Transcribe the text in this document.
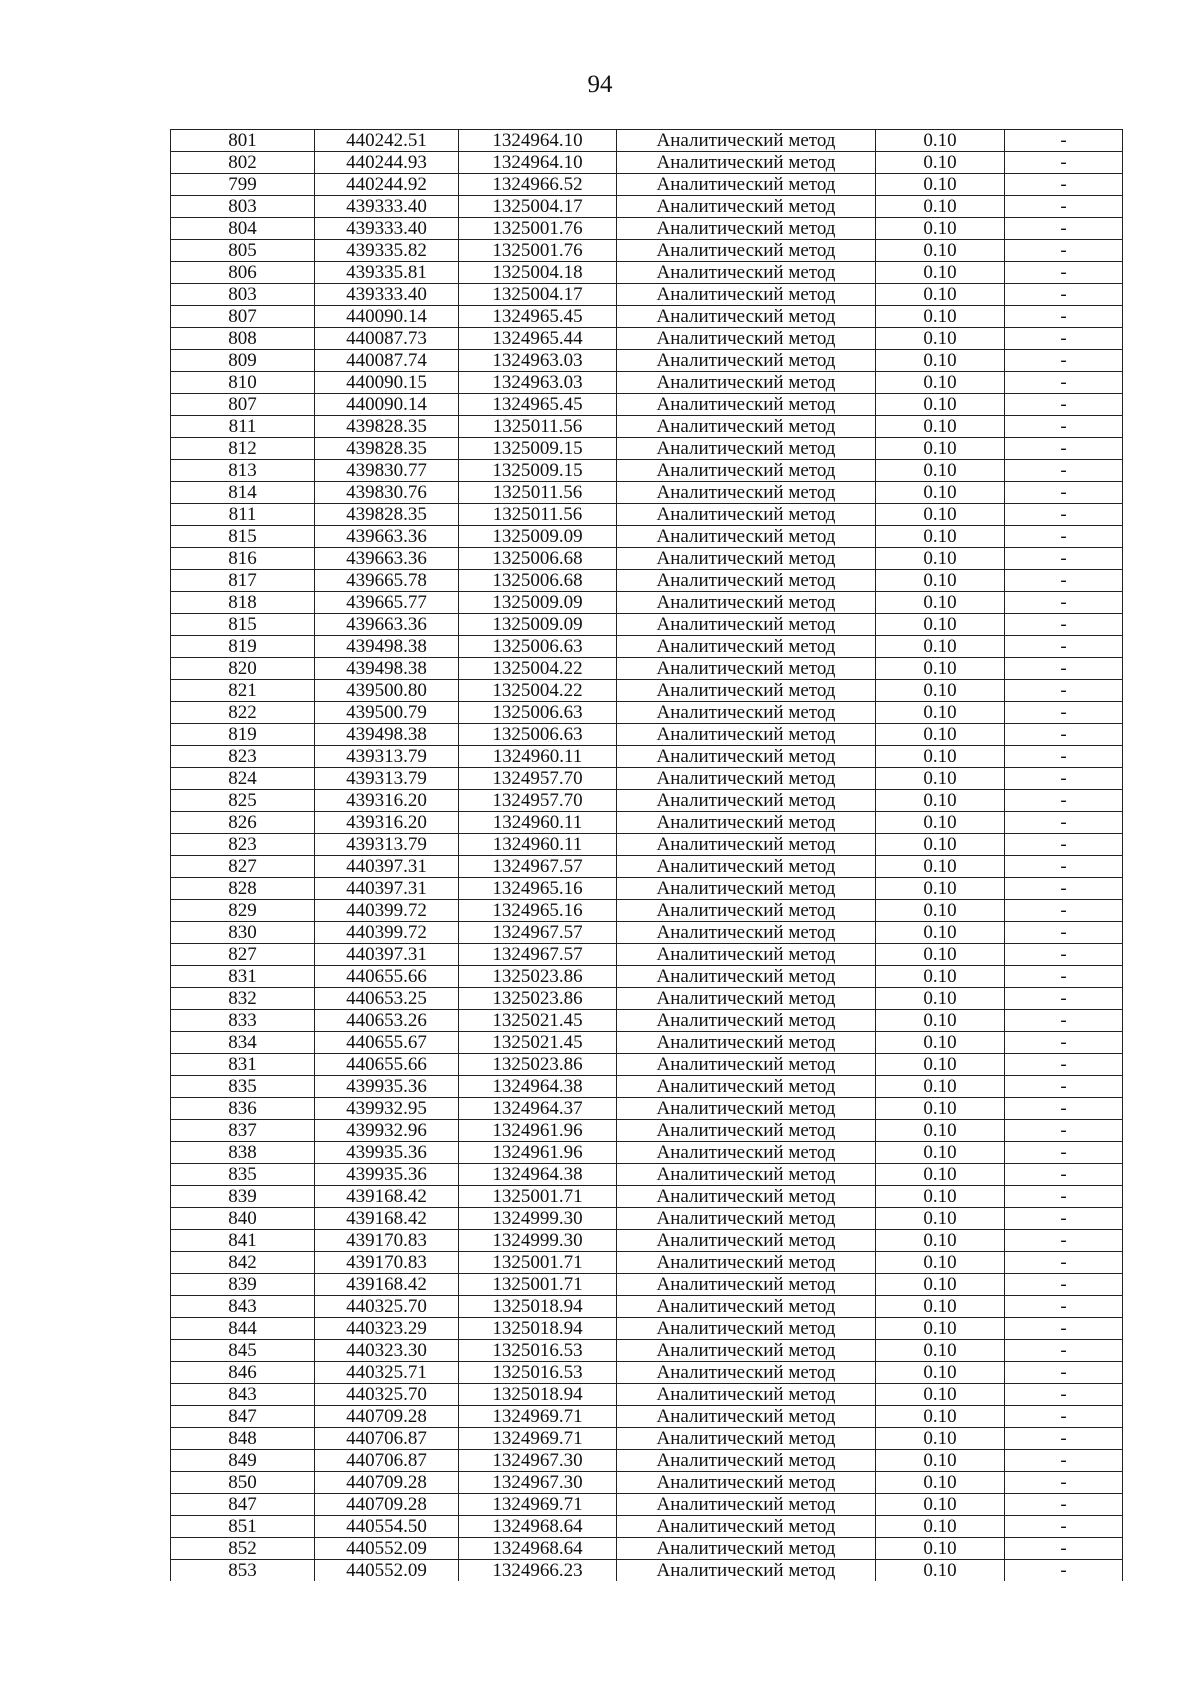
94
801	440242.51	1324964.10	Аналитический метод	0.10	-
802	440244.93	1324964.10	Аналитический метод	0.10	-
799	440244.92	1324966.52	Аналитический метод	0.10	-
803	439333.40	1325004.17	Аналитический метод	0.10	-
804	439333.40	1325001.76	Аналитический метод	0.10	-
805	439335.82	1325001.76	Аналитический метод	0.10	-
806	439335.81	1325004.18	Аналитический метод	0.10	-
803	439333.40	1325004.17	Аналитический метод	0.10	-
807	440090.14	1324965.45	Аналитический метод	0.10	-
808	440087.73	1324965.44	Аналитический метод	0.10	-
809	440087.74	1324963.03	Аналитический метод	0.10	-
810	440090.15	1324963.03	Аналитический метод	0.10	-
807	440090.14	1324965.45	Аналитический метод	0.10	-
811	439828.35	1325011.56	Аналитический метод	0.10	-
812	439828.35	1325009.15	Аналитический метод	0.10	-
813	439830.77	1325009.15	Аналитический метод	0.10	-
814	439830.76	1325011.56	Аналитический метод	0.10	-
811	439828.35	1325011.56	Аналитический метод	0.10	-
815	439663.36	1325009.09	Аналитический метод	0.10	-
816	439663.36	1325006.68	Аналитический метод	0.10	-
817	439665.78	1325006.68	Аналитический метод	0.10	-
818	439665.77	1325009.09	Аналитический метод	0.10	-
815	439663.36	1325009.09	Аналитический метод	0.10	-
819	439498.38	1325006.63	Аналитический метод	0.10	-
820	439498.38	1325004.22	Аналитический метод	0.10	-
821	439500.80	1325004.22	Аналитический метод	0.10	-
822	439500.79	1325006.63	Аналитический метод	0.10	-
819	439498.38	1325006.63	Аналитический метод	0.10	-
823	439313.79	1324960.11	Аналитический метод	0.10	-
824	439313.79	1324957.70	Аналитический метод	0.10	-
825	439316.20	1324957.70	Аналитический метод	0.10	-
826	439316.20	1324960.11	Аналитический метод	0.10	-
823	439313.79	1324960.11	Аналитический метод	0.10	-
827	440397.31	1324967.57	Аналитический метод	0.10	-
828	440397.31	1324965.16	Аналитический метод	0.10	-
829	440399.72	1324965.16	Аналитический метод	0.10	-
830	440399.72	1324967.57	Аналитический метод	0.10	-
827	440397.31	1324967.57	Аналитический метод	0.10	-
831	440655.66	1325023.86	Аналитический метод	0.10	-
832	440653.25	1325023.86	Аналитический метод	0.10	-
833	440653.26	1325021.45	Аналитический метод	0.10	-
834	440655.67	1325021.45	Аналитический метод	0.10	-
831	440655.66	1325023.86	Аналитический метод	0.10	-
835	439935.36	1324964.38	Аналитический метод	0.10	-
836	439932.95	1324964.37	Аналитический метод	0.10	-
837	439932.96	1324961.96	Аналитический метод	0.10	-
838	439935.36	1324961.96	Аналитический метод	0.10	-
835	439935.36	1324964.38	Аналитический метод	0.10	-
839	439168.42	1325001.71	Аналитический метод	0.10	-
840	439168.42	1324999.30	Аналитический метод	0.10	-
841	439170.83	1324999.30	Аналитический метод	0.10	-
842	439170.83	1325001.71	Аналитический метод	0.10	-
839	439168.42	1325001.71	Аналитический метод	0.10	-
843	440325.70	1325018.94	Аналитический метод	0.10	-
844	440323.29	1325018.94	Аналитический метод	0.10	-
845	440323.30	1325016.53	Аналитический метод	0.10	-
846	440325.71	1325016.53	Аналитический метод	0.10	-
843	440325.70	1325018.94	Аналитический метод	0.10	-
847	440709.28	1324969.71	Аналитический метод	0.10	-
848	440706.87	1324969.71	Аналитический метод	0.10	-
849	440706.87	1324967.30	Аналитический метод	0.10	-
850	440709.28	1324967.30	Аналитический метод	0.10	-
847	440709.28	1324969.71	Аналитический метод	0.10	-
851	440554.50	1324968.64	Аналитический метод	0.10	-
852	440552.09	1324968.64	Аналитический метод	0.10	-
853	440552.09	1324966.23	Аналитический метод	0.10	-
